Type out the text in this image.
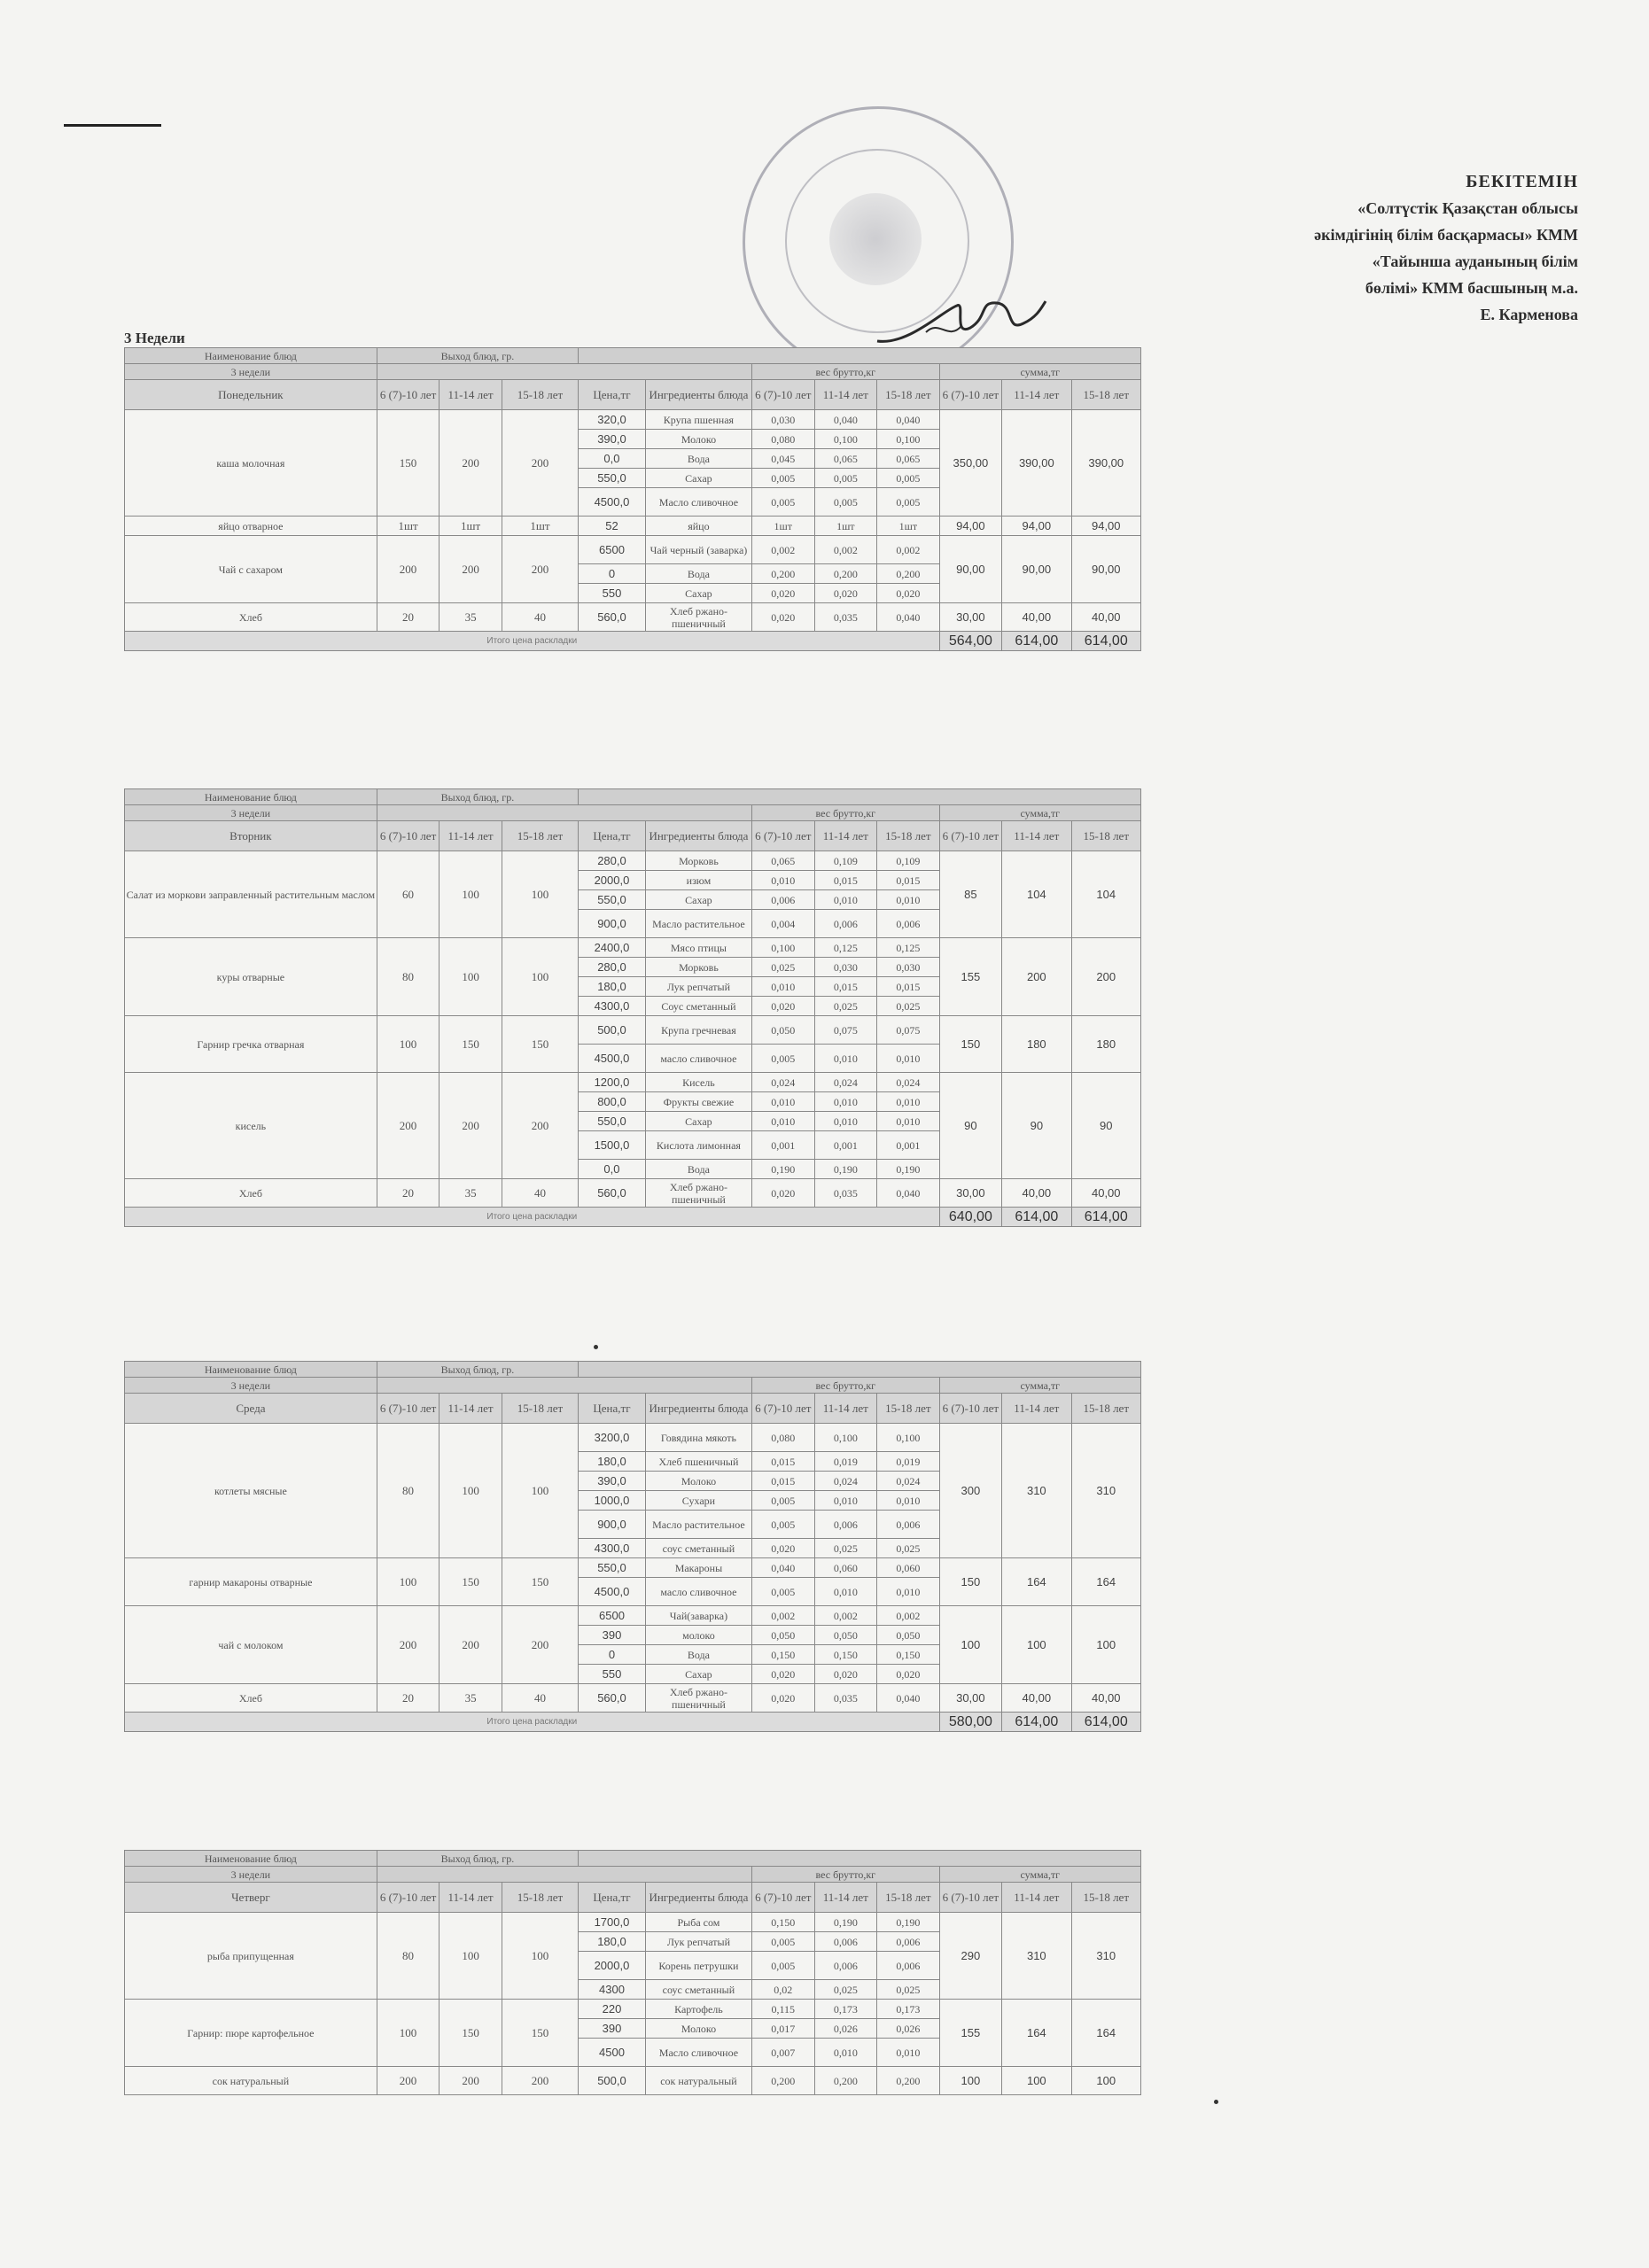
БЕКІТЕМІН
«Солтүстік Қазақстан облысы
әкімдігінің білім басқармасы» КММ
«Тайынша ауданының білім
бөлімі» КММ басшының м.а.
Е. Карменова
3 Недели
Наименование блюд	Выход блюд, гр.										
3 недели						вес брутто,кг			сумма,тг		
Понедельник	6 (7)-10 лет	11-14 лет	15-18 лет	Цена,тг	Ингредиенты блюда	6 (7)-10 лет	11-14 лет	15-18 лет	6 (7)-10 лет	11-14 лет	15-18 лет
каша молочная	150	200	200	320,0	Крупа пшенная	0,030	0,040	0,040	350,00	390,00	390,00
				390,0	Молоко	0,080	0,100	0,100			
				0,0	Вода	0,045	0,065	0,065			
				550,0	Сахар	0,005	0,005	0,005			
				4500,0	Масло сливочное	0,005	0,005	0,005			
яйцо отварное	1шт	1шт	1шт	52	яйцо	1шт	1шт	1шт	94,00	94,00	94,00
Чай с сахаром	200	200	200	6500	Чай черный (заварка)	0,002	0,002	0,002	90,00	90,00	90,00
				0	Вода	0,200	0,200	0,200			
				550	Сахар	0,020	0,020	0,020			
Хлеб	20	35	40	560,0	Хлеб ржано-пшеничный	0,020	0,035	0,040	30,00	40,00	40,00
Итого цена раскладки									564,00	614,00	614,00
Наименование блюд	Выход блюд, гр.										
3 недели						вес брутто,кг			сумма,тг		
Вторник	6 (7)-10 лет	11-14 лет	15-18 лет	Цена,тг	Ингредиенты блюда	6 (7)-10 лет	11-14 лет	15-18 лет	6 (7)-10 лет	11-14 лет	15-18 лет
Салат из моркови заправленный растительным маслом	60	100	100	280,0	Морковь	0,065	0,109	0,109	85	104	104
				2000,0	изюм	0,010	0,015	0,015			
				550,0	Сахар	0,006	0,010	0,010			
				900,0	Масло растительное	0,004	0,006	0,006			
куры отварные	80	100	100	2400,0	Мясо птицы	0,100	0,125	0,125	155	200	200
				280,0	Морковь	0,025	0,030	0,030			
				180,0	Лук репчатый	0,010	0,015	0,015			
				4300,0	Соус сметанный	0,020	0,025	0,025			
Гарнир гречка отварная	100	150	150	500,0	Крупа гречневая	0,050	0,075	0,075	150	180	180
				4500,0	масло сливочное	0,005	0,010	0,010			
кисель	200	200	200	1200,0	Кисель	0,024	0,024	0,024	90	90	90
				800,0	Фрукты свежие	0,010	0,010	0,010			
				550,0	Сахар	0,010	0,010	0,010			
				1500,0	Кислота лимонная	0,001	0,001	0,001			
				0,0	Вода	0,190	0,190	0,190			
Хлеб	20	35	40	560,0	Хлеб ржано-пшеничный	0,020	0,035	0,040	30,00	40,00	40,00
Итого цена раскладки									640,00	614,00	614,00
Наименование блюд	Выход блюд, гр.										
3 недели						вес брутто,кг			сумма,тг		
Среда	6 (7)-10 лет	11-14 лет	15-18 лет	Цена,тг	Ингредиенты блюда	6 (7)-10 лет	11-14 лет	15-18 лет	6 (7)-10 лет	11-14 лет	15-18 лет
котлеты мясные	80	100	100	3200,0	Говядина мякоть	0,080	0,100	0,100	300	310	310
				180,0	Хлеб пшеничный	0,015	0,019	0,019			
				390,0	Молоко	0,015	0,024	0,024			
				1000,0	Сухари	0,005	0,010	0,010			
				900,0	Масло растительное	0,005	0,006	0,006			
				4300,0	соус сметанный	0,020	0,025	0,025			
гарнир макароны отварные	100	150	150	550,0	Макароны	0,040	0,060	0,060	150	164	164
				4500,0	масло сливочное	0,005	0,010	0,010			
чай с молоком	200	200	200	6500	Чай(заварка)	0,002	0,002	0,002	100	100	100
				390	молоко	0,050	0,050	0,050			
				0	Вода	0,150	0,150	0,150			
				550	Сахар	0,020	0,020	0,020			
Хлеб	20	35	40	560,0	Хлеб ржано-пшеничный	0,020	0,035	0,040	30,00	40,00	40,00
Итого цена раскладки									580,00	614,00	614,00
Наименование блюд	Выход блюд, гр.										
3 недели						вес брутто,кг			сумма,тг		
Четверг	6 (7)-10 лет	11-14 лет	15-18 лет	Цена,тг	Ингредиенты блюда	6 (7)-10 лет	11-14 лет	15-18 лет	6 (7)-10 лет	11-14 лет	15-18 лет
рыба припущенная	80	100	100	1700,0	Рыба сом	0,150	0,190	0,190	290	310	310
				180,0	Лук репчатый	0,005	0,006	0,006			
				2000,0	Корень петрушки	0,005	0,006	0,006			
				4300	соус сметанный	0,02	0,025	0,025			
Гарнир: пюре картофельное	100	150	150	220	Картофель	0,115	0,173	0,173	155	164	164
				390	Молоко	0,017	0,026	0,026			
				4500	Масло сливочное	0,007	0,010	0,010			
сок натуральный	200	200	200	500,0	сок натуральный	0,200	0,200	0,200	100	100	100
